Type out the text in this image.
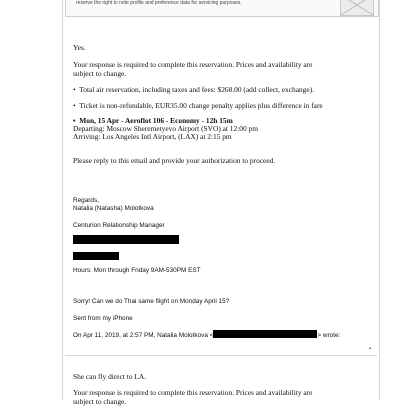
reserve the right to note profile and preference data for servicing purposes.
Yes.
Your response is required to complete this reservation. Prices and availability are
subject to change.
• Total air reservation, including taxes and fees: $268.00 (add collect, exchange).
• Ticket is non-refundable, EUR35.00 change penalty applies plus difference in fare
• Mon, 15 Apr - Aeroflot 106 - Economy - 12h 15m
Departing: Moscow Sheremetyevo Airport (SVO) at 12:00 pm
Arriving: Los Angeles Intl Airport, (LAX) at 2:15 pm
Please reply to this email and provide your authorization to proceed.
Regards,
Natalia (Natasha) Molotkova
Centurion Relationship Manager
Hours: Mon through Friday 9AM-530PM EST
Sorry! Can we do Thai same flight on Monday April 15?
Sent from my iPhone
On Apr 11, 2019, at 2:57 PM, Natalia Molotkova <	> wrote:
▪
She can fly direct to LA.
Your response is required to complete this reservation. Prices and availability are
subject to change.
